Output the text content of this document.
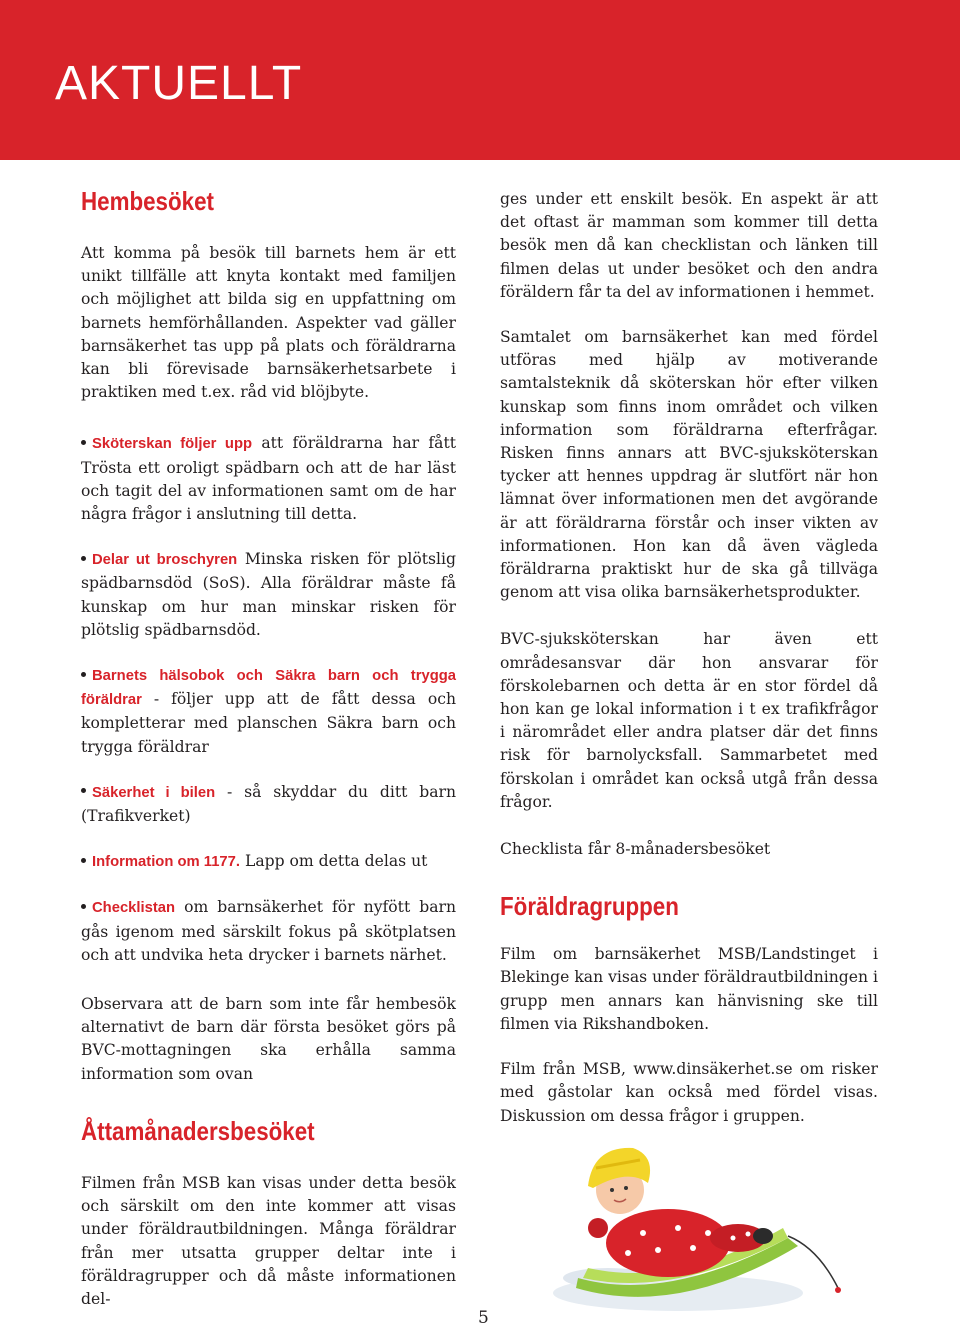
AKTUELLT
Hembesöket

Att komma på besök till barnets hem är ett unikt tillfälle att knyta kontakt med familjen och möjlighet att bilda sig en uppfattning om barnets hemförhållanden. Aspekter vad gäller barnsäkerhet tas upp på plats och föräldrarna kan bli förevisade barnsäkerhetsarbete i praktiken med t.ex. råd vid blöjbyte.

Sköterskan följer upp att föräldrarna har fått Trösta ett oroligt spädbarn och att de har läst och tagit del av informationen samt om de har några frågor i anslutning till detta.

Delar ut broschyren Minska risken för plötslig spädbarnsdöd (SoS). Alla föräldrar måste få kunskap om hur man minskar risken för plötslig spädbarnsdöd.

Barnets hälsobok och Säkra barn och trygga föräldrar - följer upp att de fått dessa och kompletterar med planschen Säkra barn och trygga föräldrar

Säkerhet i bilen - så skyddar du ditt barn (Trafikverket)

Information om 1177. Lapp om detta delas ut

Checklistan om barnsäkerhet för nyfött barn gås igenom med särskilt fokus på skötplatsen och att undvika heta drycker i barnets närhet.

Observara att de barn som inte får hembesök alternativt de barn där första besöket görs på BVC-mottagningen ska erhålla samma information som ovan

Åttamånadersbesöket

Filmen från MSB kan visas under detta besök och särskilt om den inte kommer att visas under föräldrautbildningen. Många föräldrar från mer utsatta grupper deltar inte i föräldragrupper och då måste informationen del-

ges under ett enskilt besök. En aspekt är att det oftast är mamman som kommer till detta besök men då kan checklistan och länken till filmen delas ut under besöket och den andra föräldern får ta del av informationen i hemmet.

Samtalet om barnsäkerhet kan med fördel utföras med hjälp av motiverande samtalsteknik då sköterskan hör efter vilken kunskap som finns inom området och vilken information som föräldrarna efterfrågar. Risken finns annars att BVC-sjuksköterskan tycker att hennes uppdrag är slutfört när hon lämnat över informationen men det avgörande är att föräldrarna förstår och inser vikten av informationen. Hon kan då även vägleda föräldrarna praktiskt hur de ska gå tillväga genom att visa olika barnsäkerhetsprodukter.

BVC-sjuksköterskan har även ett områdesansvar där hon ansvarar för förskolebarnen och detta är en stor fördel då hon kan ge lokal information i t ex trafikfrågor i närområdet eller andra platser där det finns risk för barnolycksfall. Sammarbetet med förskolan i området kan också utgå från dessa frågor.

Checklista får 8-månadersbesöket

Föräldragruppen

Film om barnsäkerhet MSB/Landstinget i Blekinge kan visas under föräldrautbildningen i grupp men annars kan hänvisning ske till filmen via Rikshandboken.

Film från MSB, www.dinsäkerhet.se om risker med gåstolar kan också med fördel visas. Diskussion om dessa frågor i gruppen.

5
